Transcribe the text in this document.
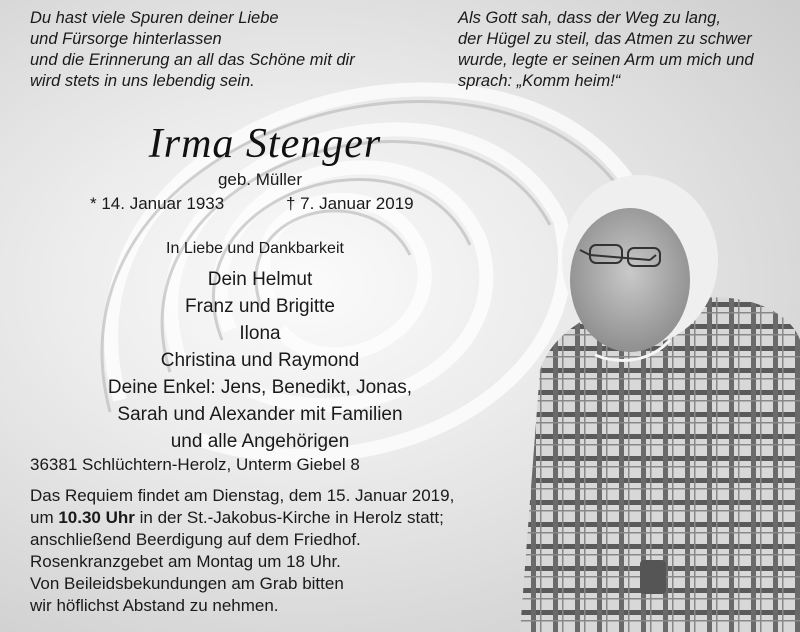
Du hast viele Spuren deiner Liebe
und Fürsorge hinterlassen
und die Erinnerung an all das Schöne mit dir
wird stets in uns lebendig sein.
Als Gott sah, dass der Weg zu lang,
der Hügel zu steil, das Atmen zu schwer
wurde, legte er seinen Arm um mich und
sprach: „Komm heim!“
Irma Stenger
geb. Müller
* 14. Januar 1933	† 7. Januar 2019
In Liebe und Dankbarkeit
Dein Helmut
Franz und Brigitte
Ilona
Christina und Raymond
Deine Enkel: Jens, Benedikt, Jonas,
Sarah und Alexander mit Familien
und alle Angehörigen
36381 Schlüchtern-Herolz, Unterm Giebel 8
Das Requiem findet am Dienstag, dem 15. Januar 2019,
um 10.30 Uhr in der St.-Jakobus-Kirche in Herolz statt;
anschließend Beerdigung auf dem Friedhof.
Rosenkranzgebet am Montag um 18 Uhr.
Von Beileidsbekundungen am Grab bitten
wir höflichst Abstand zu nehmen.
